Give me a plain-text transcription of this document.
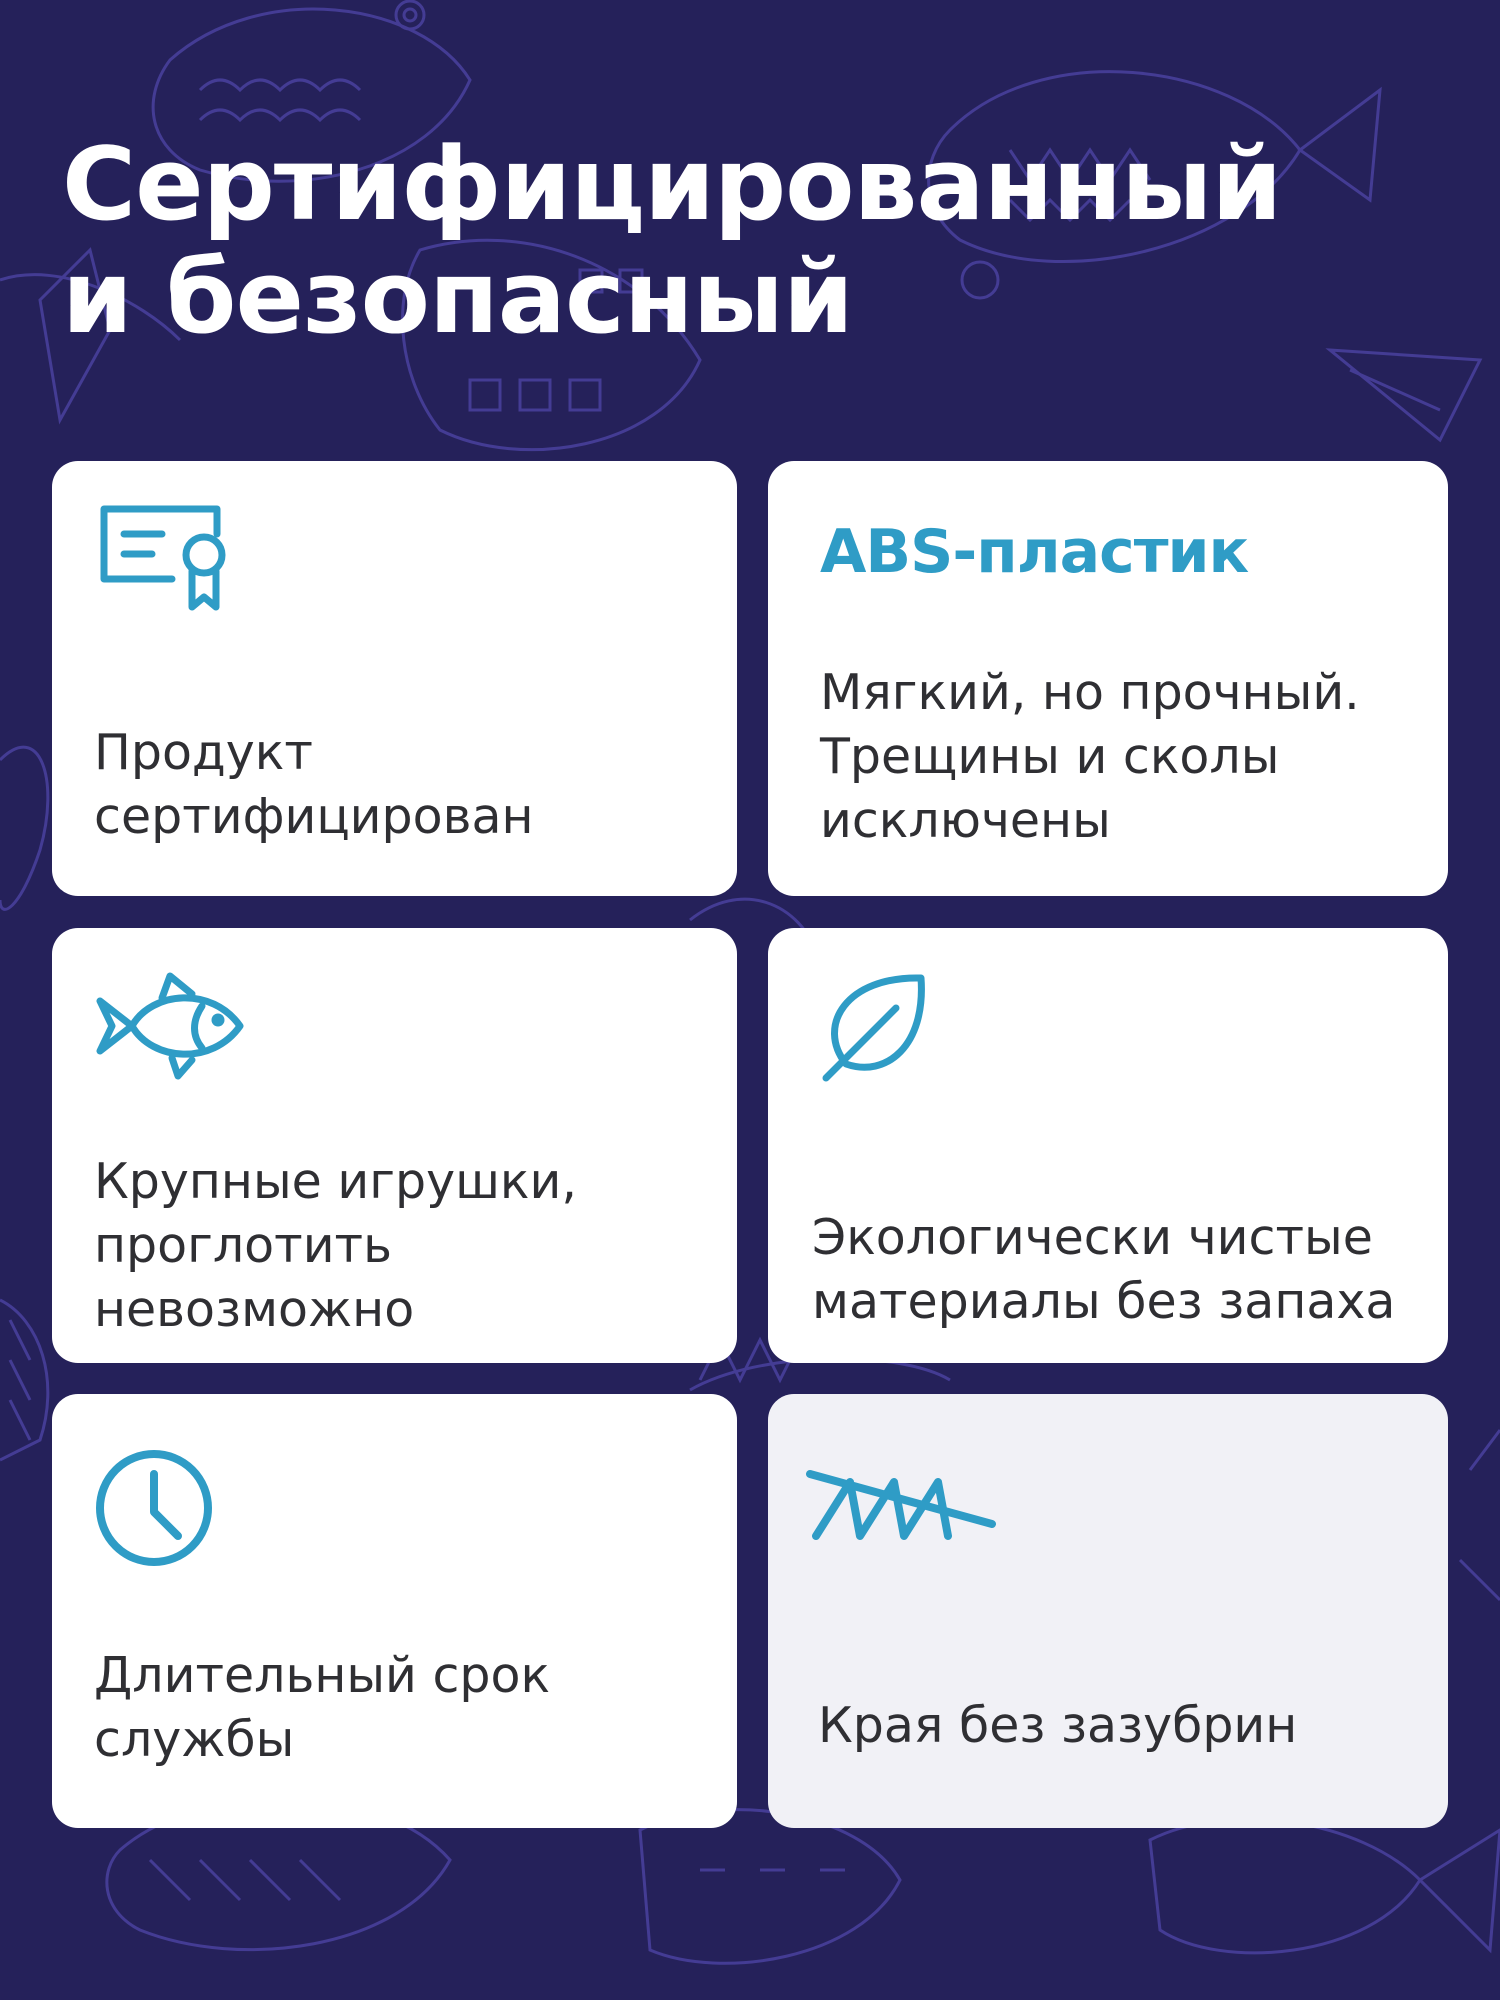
Сертифицированный
и безопасный
Продукт
сертифицирован
ABS-пластик
Мягкий, но прочный.
Трещины и сколы
исключены
Крупные игрушки,
проглотить
невозможно
Экологически чистые
материалы без запаха
Длительный срок
службы	Края без зазубрин
